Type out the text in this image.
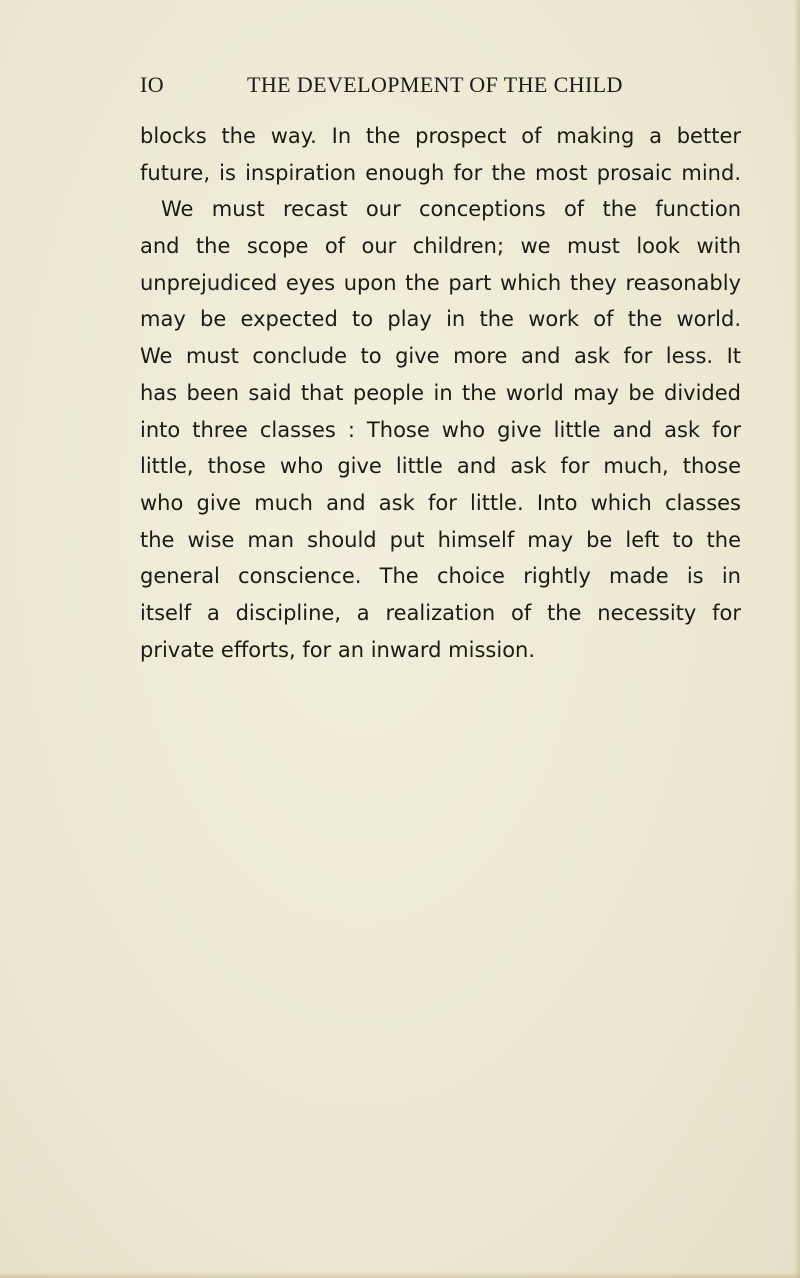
IO	THE DEVELOPMENT OF THE CHILD
blocks the way. In the prospect of making a better
future, is inspiration enough for the most prosaic mind.
We must recast our conceptions of the function
and the scope of our children; we must look with
unprejudiced eyes upon the part which they reasonably
may be expected to play in the work of the world.
We must conclude to give more and ask for less. It
has been said that people in the world may be divided
into three classes : Those who give little and ask for
little, those who give little and ask for much, those
who give much and ask for little. Into which classes
the wise man should put himself may be left to the
general conscience. The choice rightly made is in
itself a discipline, a realization of the necessity for
private efforts, for an inward mission.
